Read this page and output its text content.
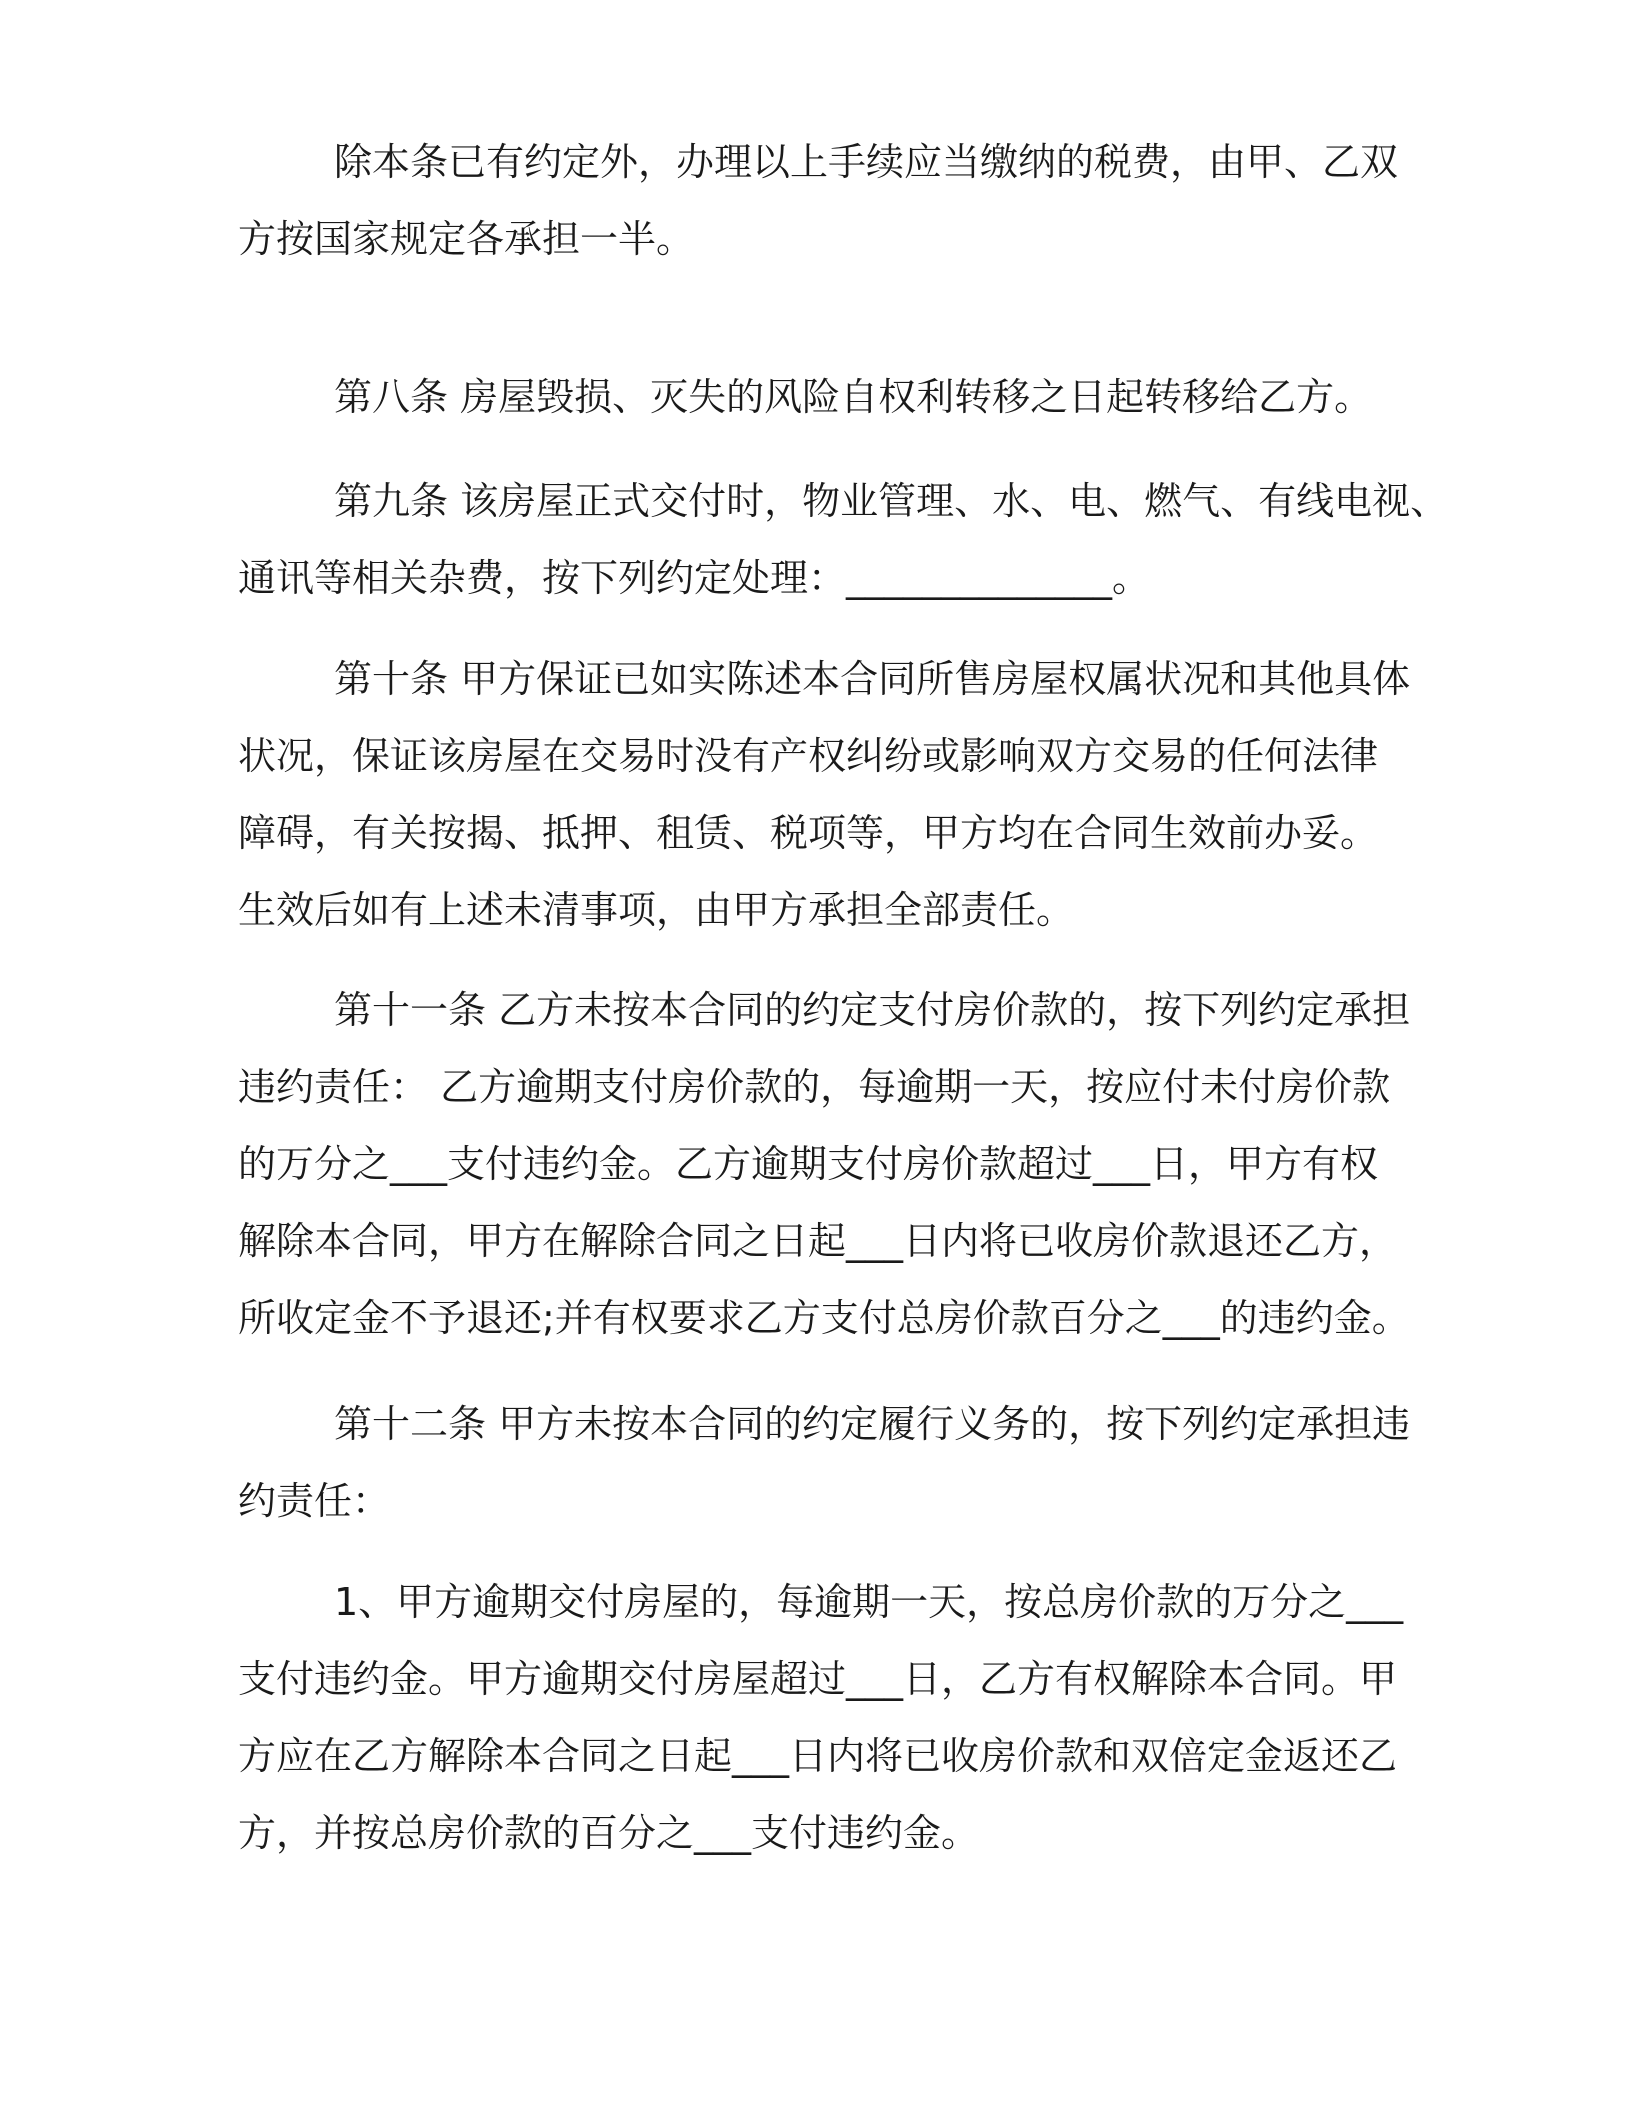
除本条已有约定外，办理以上手续应当缴纳的税费，由甲、乙双
方按国家规定各承担一半。
第八条 房屋毁损、灭失的风险自权利转移之日起转移给乙方。
第九条 该房屋正式交付时，物业管理、水、电、燃气、有线电视、
通讯等相关杂费，按下列约定处理：______________。
第十条 甲方保证已如实陈述本合同所售房屋权属状况和其他具体
状况，保证该房屋在交易时没有产权纠纷或影响双方交易的任何法律
障碍，有关按揭、抵押、租赁、税项等，甲方均在合同生效前办妥。
生效后如有上述未清事项，由甲方承担全部责任。
第十一条 乙方未按本合同的约定支付房价款的，按下列约定承担
违约责任： 乙方逾期支付房价款的，每逾期一天，按应付未付房价款
的万分之___支付违约金。乙方逾期支付房价款超过___日，甲方有权
解除本合同，甲方在解除合同之日起___日内将已收房价款退还乙方，
所收定金不予退还;并有权要求乙方支付总房价款百分之___的违约金。
第十二条 甲方未按本合同的约定履行义务的，按下列约定承担违
约责任：
1、甲方逾期交付房屋的，每逾期一天，按总房价款的万分之___
支付违约金。甲方逾期交付房屋超过___日，乙方有权解除本合同。甲
方应在乙方解除本合同之日起___日内将已收房价款和双倍定金返还乙
方，并按总房价款的百分之___支付违约金。
